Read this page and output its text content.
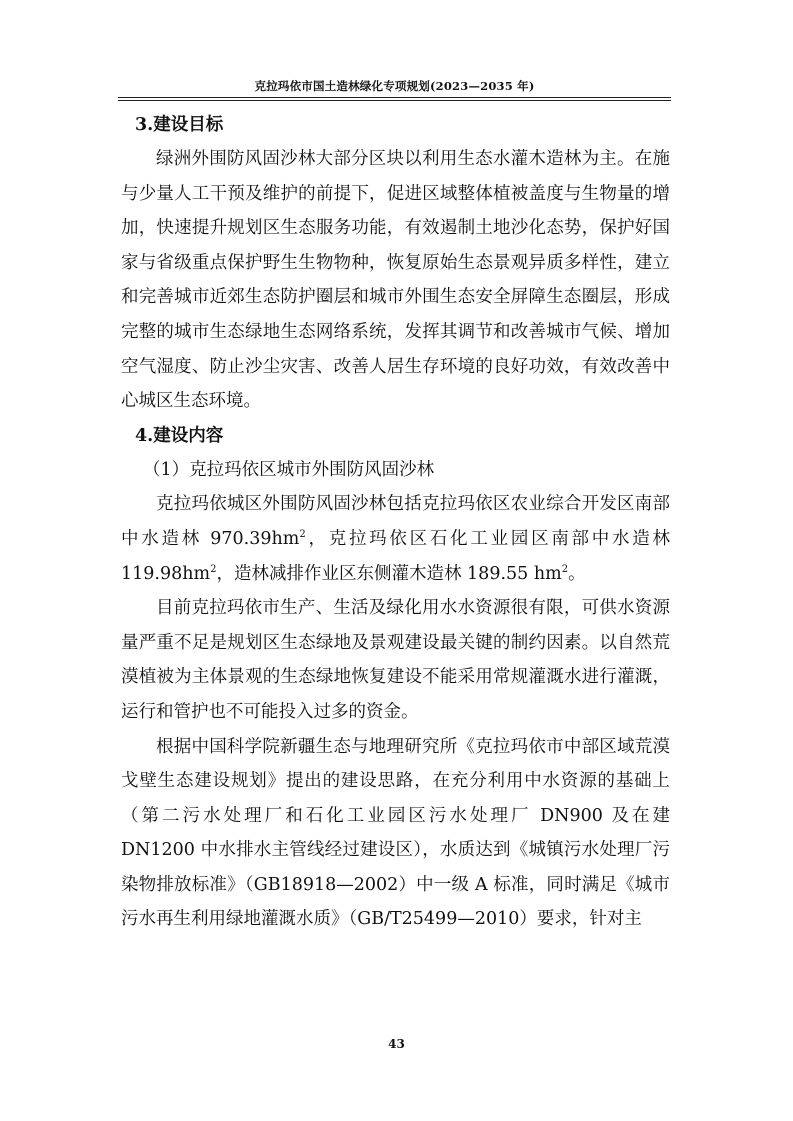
克拉玛依市国土造林绿化专项规划(2023—2035 年)
3.建设目标

绿洲外围防风固沙林大部分区块以利用生态水灌木造林为主。在施与少量人工干预及维护的前提下，促进区域整体植被盖度与生物量的增加，快速提升规划区生态服务功能，有效遏制土地沙化态势，保护好国家与省级重点保护野生生物物种，恢复原始生态景观异质多样性，建立和完善城市近郊生态防护圈层和城市外围生态安全屏障生态圈层，形成完整的城市生态绿地生态网络系统，发挥其调节和改善城市气候、增加空气湿度、防止沙尘灾害、改善人居生存环境的良好功效，有效改善中心城区生态环境。

4.建设内容
（1）克拉玛依区城市外围防风固沙林

克拉玛依城区外围防风固沙林包括克拉玛依区农业综合开发区南部中水造林 $970.39hm^2$，克拉玛依区石化工业园区南部中水造林 $119.98hm^2$，造林减排作业区东侧灌木造林 189.55 $hm^2$。

目前克拉玛依市生产、生活及绿化用水水资源很有限，可供水资源量严重不足是规划区生态绿地及景观建设最关键的制约因素。以自然荒漠植被为主体景观的生态绿地恢复建设不能采用常规灌溉水进行灌溉，运行和管护也不可能投入过多的资金。

根据中国科学院新疆生态与地理研究所《克拉玛依市中部区域荒漠戈壁生态建设规划》提出的建设思路，在充分利用中水资源的基础上（第二污水处理厂和石化工业园区污水处理厂 DN900 及在建 DN1200 中水排水主管线经过建设区），水质达到《城镇污水处理厂污染物排放标准》（GB18918—2002）中一级 A 标准，同时满足《城市污水再生利用绿地灌溉水质》（GB/T25499—2010）要求，针对主

43
